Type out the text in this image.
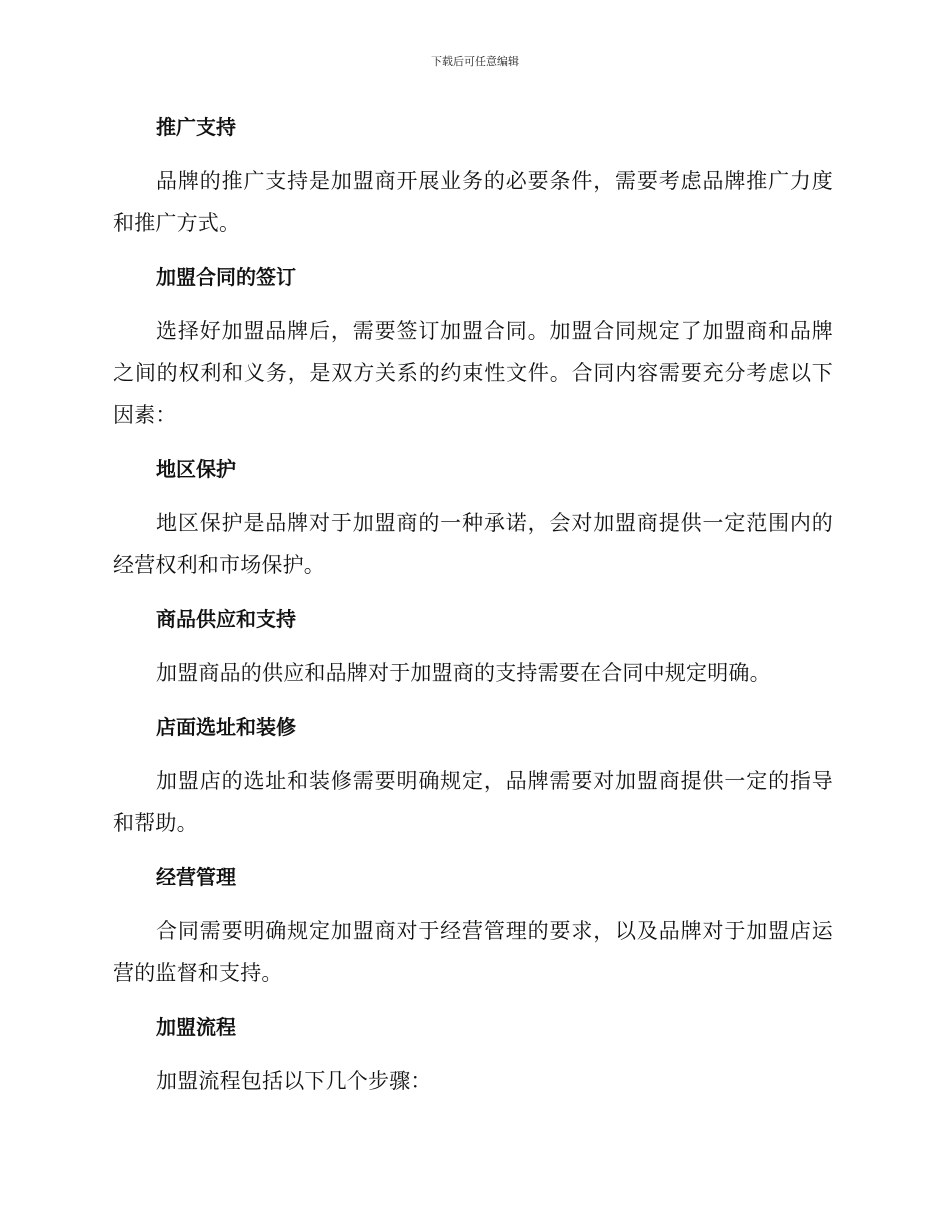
下载后可任意编辑
推广支持

品牌的推广支持是加盟商开展业务的必要条件，需要考虑品牌推广力度和推广方式。

加盟合同的签订

选择好加盟品牌后，需要签订加盟合同。加盟合同规定了加盟商和品牌之间的权利和义务，是双方关系的约束性文件。合同内容需要充分考虑以下因素：

地区保护

地区保护是品牌对于加盟商的一种承诺，会对加盟商提供一定范围内的经营权利和市场保护。

商品供应和支持

加盟商品的供应和品牌对于加盟商的支持需要在合同中规定明确。

店面选址和装修

加盟店的选址和装修需要明确规定，品牌需要对加盟商提供一定的指导和帮助。

经营管理

合同需要明确规定加盟商对于经营管理的要求，以及品牌对于加盟店运营的监督和支持。

加盟流程

加盟流程包括以下几个步骤：
